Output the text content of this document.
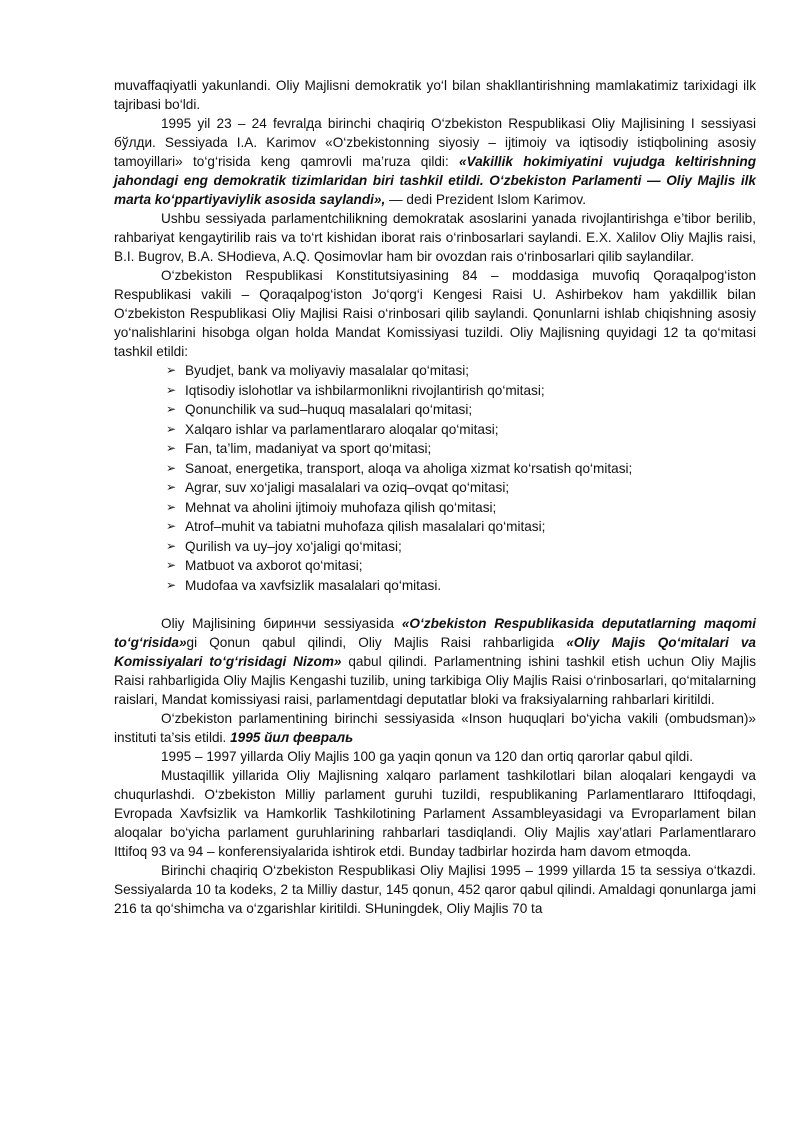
muvaffaqiyatli yakunlandi. Oliy Majlisni demokratik yo‘l bilan shakllantirishning mamlakatimiz tarixidagi ilk tajribasi bo‘ldi.

1995 yil 23 – 24 fevralда birinchi chaqiriq O‘zbekiston Respublikasi Oliy Majlisining I sessiyasi бўлди. Sessiyada I.A. Karimov «O‘zbekistonning siyosiy – ijtimoiy va iqtisodiy istiqbolining asosiy tamoyillari» to‘g‘risida keng qamrovli ma’ruza qildi: «Vakillik hokimiyatini vujudga keltirishning jahondagi eng demokratik tizimlaridan biri tashkil etildi. O‘zbekiston Parlamenti — Oliy Majlis ilk marta ko‘ppartiyaviylik asosida saylandi», — dedi Prezident Islom Karimov.

Ushbu sessiyada parlamentchilikning demokratak asoslarini yanada rivojlantirishga e’tibor berilib, rahbariyat kengaytirilib rais va to‘rt kishidan iborat rais o‘rinbosarlari saylandi. E.X. Xalilov Oliy Majlis raisi, B.I. Bugrov, B.A. SHodieva, A.Q. Qosimovlar ham bir ovozdan rais o‘rinbosarlari qilib saylandilar.

O‘zbekiston Respublikasi Konstitutsiyasining 84 – moddasiga muvofiq Qoraqalpog‘iston Respublikasi vakili – Qoraqalpog‘iston Jo‘qorg‘i Kengesi Raisi U. Ashirbekov ham yakdillik bilan O‘zbekiston Respublikasi Oliy Majlisi Raisi o‘rinbosari qilib saylandi. Qonunlarni ishlab chiqishning asosiy yo‘nalishlarini hisobga olgan holda Mandat Komissiyasi tuzildi. Oliy Majlisning quyidagi 12 ta qo‘mitasi tashkil etildi:

➢ Byudjet, bank va moliyaviy masalalar qo‘mitasi;
➢ Iqtisodiy islohotlar va ishbilarmonlikni rivojlantirish qo‘mitasi;
➢ Qonunchilik va sud–huquq masalalari qo‘mitasi;
➢ Xalqaro ishlar va parlamentlararo aloqalar qo‘mitasi;
➢ Fan, ta’lim, madaniyat va sport qo‘mitasi;
➢ Sanoat, energetika, transport, aloqa va aholiga xizmat ko‘rsatish qo‘mitasi;
➢ Agrar, suv xo‘jaligi masalalari va oziq–ovqat qo‘mitasi;
➢ Mehnat va aholini ijtimoiy muhofaza qilish qo‘mitasi;
➢ Atrof–muhit va tabiatni muhofaza qilish masalalari qo‘mitasi;
➢ Qurilish va uy–joy xo‘jaligi qo‘mitasi;
➢ Matbuot va axborot qo‘mitasi;
➢ Mudofaa va xavfsizlik masalalari qo‘mitasi.

Oliy Majlisining биринчи sessiyasida «O‘zbekiston Respublikasida deputatlarning maqomi to‘g‘risida»gi Qonun qabul qilindi, Oliy Majlis Raisi rahbarligida «Oliy Majis Qo‘mitalari va Komissiyalari to‘g‘risidagi Nizom» qabul qilindi. Parlamentning ishini tashkil etish uchun Oliy Majlis Raisi rahbarligida Oliy Majlis Kengashi tuzilib, uning tarkibiga Oliy Majlis Raisi o‘rinbosarlari, qo‘mitalarning raislari, Mandat komissiyasi raisi, parlamentdagi deputatlar bloki va fraksiyalarning rahbarlari kiritildi.

O‘zbekiston parlamentining birinchi sessiyasida «Inson huquqlari bo‘yicha vakili (ombudsman)» instituti ta’sis etildi. 1995 йил феврaль

1995 – 1997 yillarda Oliy Majlis 100 ga yaqin qonun va 120 dan ortiq qarorlar qabul qildi.

Mustaqillik yillarida Oliy Majlisning xalqaro parlament tashkilotlari bilan aloqalari kengaydi va chuqurlashdi. O‘zbekiston Milliy parlament guruhi tuzildi, respublikaning Parlamentlararo Ittifoqdagi, Evropada Xavfsizlik va Hamkorlik Tashkilotining Parlament Assambleyasidagi va Evroparlament bilan aloqalar bo‘yicha parlament guruhlarining rahbarlari tasdiqlandi. Oliy Majlis xay’atlari Parlamentlararo Ittifoq 93 va 94 – konferensiyalarida ishtirok etdi. Bunday tadbirlar hozirda ham davom etmoqda.

Birinchi chaqiriq O‘zbekiston Respublikasi Oliy Majlisi 1995 – 1999 yillarda 15 ta sessiya o‘tkazdi. Sessiyalarda 10 ta kodeks, 2 ta Milliy dastur, 145 qonun, 452 qaror qabul qilindi. Amaldagi qonunlarga jami 216 ta qo‘shimcha va o‘zgarishlar kiritildi. SHuningdek, Oliy Majlis 70 ta
